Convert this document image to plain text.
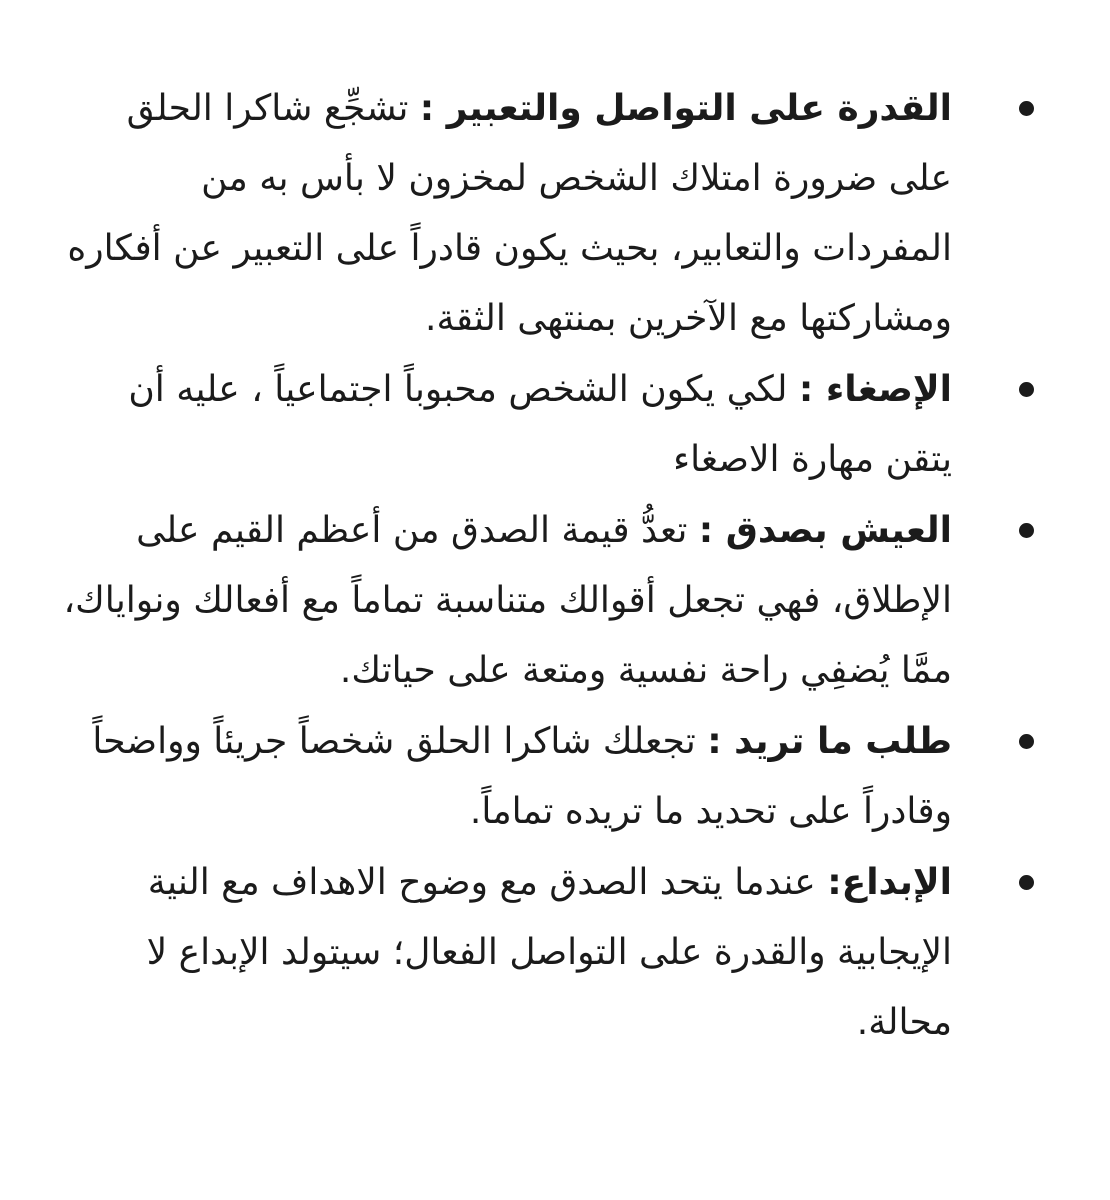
القدرة على التواصل والتعبير : تشجِّع شاكرا الحلق على ضرورة امتلاك الشخص لمخزون لا بأس به من المفردات والتعابير، بحيث يكون قادراً على التعبير عن أفكاره ومشاركتها مع الآخرين بمنتهى الثقة.
الإصغاء : لكي يكون الشخص محبوباً اجتماعياً ، عليه أن يتقن مهارة الاصغاء
العيش بصدق : تعدُّ قيمة الصدق من أعظم القيم على الإطلاق، فهي تجعل أقوالك متناسبة تماماً مع أفعالك ونواياك، ممَّا يُضفِي راحة نفسية ومتعة على حياتك.
طلب ما تريد : تجعلك شاكرا الحلق شخصاً جريئاً وواضحاً وقادراً على تحديد ما تريده تماماً.
الإبداع: عندما يتحد الصدق مع وضوح الاهداف مع النية الإيجابية والقدرة على التواصل الفعال؛ سيتولد الإبداع لا محالة.
